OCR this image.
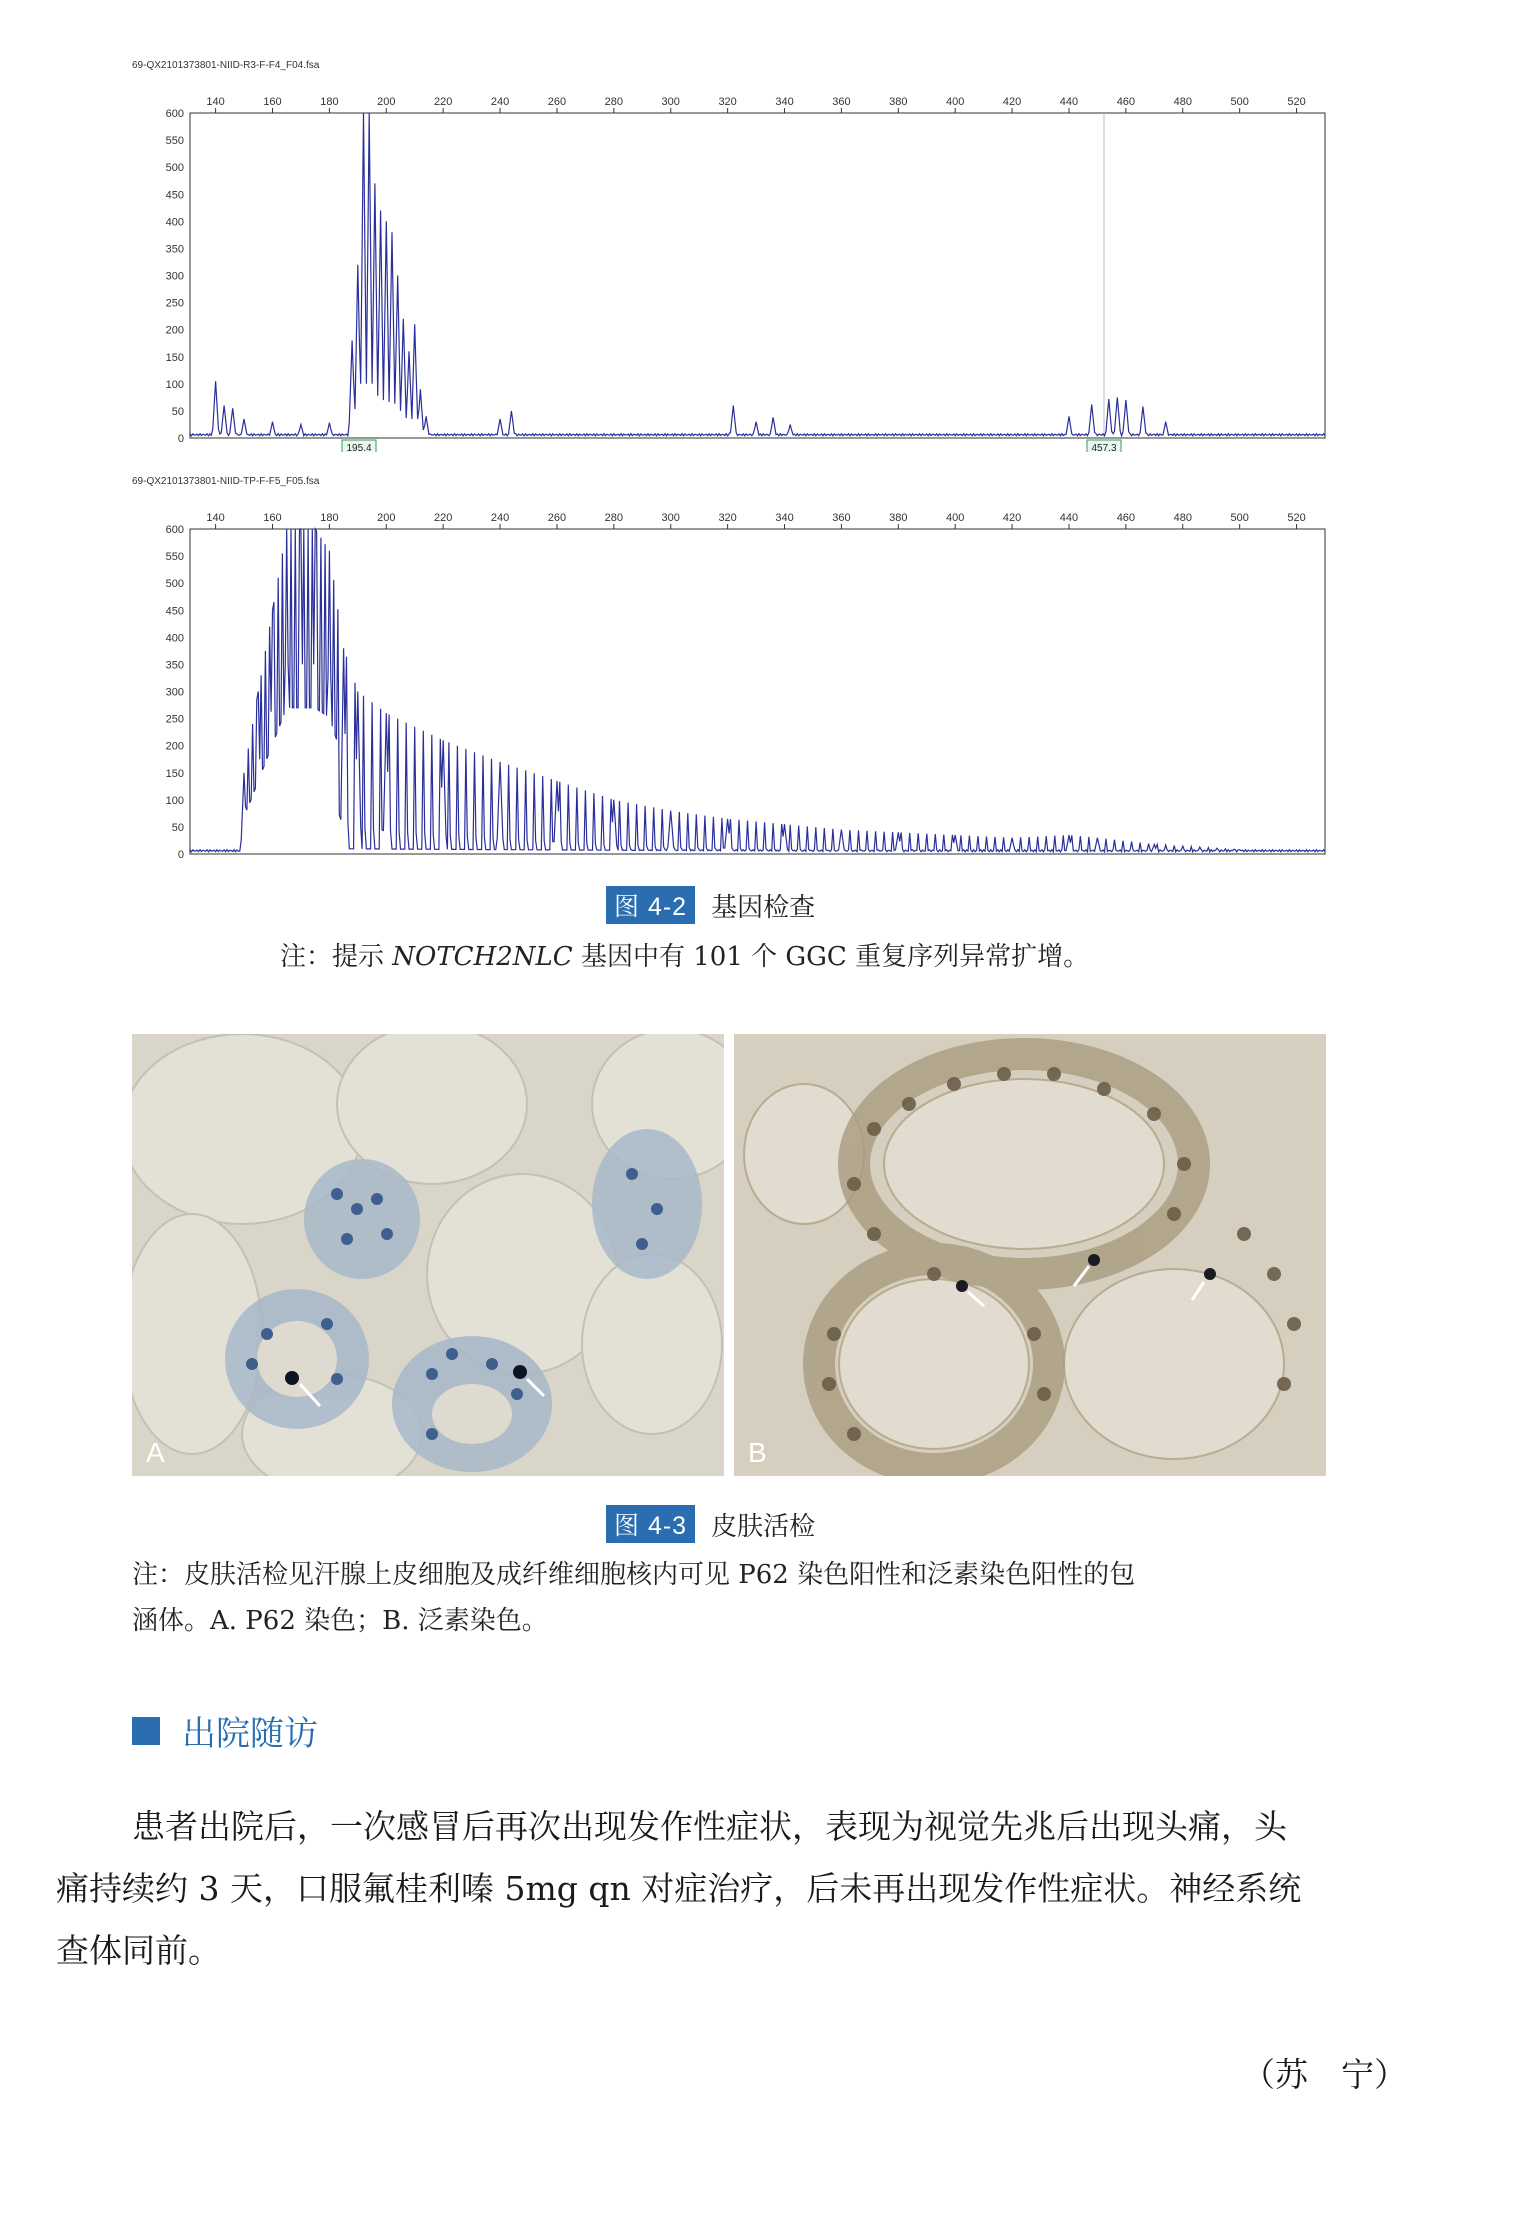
69-QX2101373801-NIID-R3-F-F4_F04.fsa
140	160	180	200	220	240	260	280	300	320	340	360	380	400	420	440	460	480	500	520
600
550
500
450
400
350
300
250
200
150
100
50
0
195.4	457.3
69-QX2101373801-NIID-TP-F-F5_F05.fsa
140	160	180	200	220	240	260	280	300	320	340	360	380	400	420	440	460	480	500	520
600
550
500
450
400
350
300
250
200
150
100
50
0
图 4-2 基因检查
注：提示 NOTCH2NLC 基因中有 101 个 GGC 重复序列异常扩增。
A	B
图 4-3 皮肤活检
注：皮肤活检见汗腺上皮细胞及成纤维细胞核内可见 P62 染色阳性和泛素染色阳性的包
涵体。A. P62 染色；B. 泛素染色。
出院随访
患者出院后，一次感冒后再次出现发作性症状，表现为视觉先兆后出现头痛，头
痛持续约 3 天，口服氟桂利嗪 5mg qn 对症治疗，后未再出现发作性症状。神经系统
查体同前。
（苏　宁）
